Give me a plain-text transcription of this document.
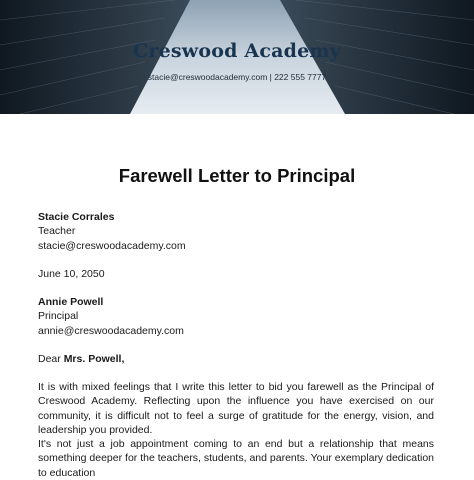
Creswood Academy
stacie@creswoodacademy.com | 222 555 7777
Farewell Letter to Principal
Stacie Corrales
Teacher
stacie@creswoodacademy.com
June 10, 2050
Annie Powell
Principal
annie@creswoodacademy.com
Dear Mrs. Powell,
It is with mixed feelings that I write this letter to bid you farewell as the Principal of Creswood Academy. Reflecting upon the influence you have exercised on our community, it is difficult not to feel a surge of gratitude for the energy, vision, and leadership you provided.
It's not just a job appointment coming to an end but a relationship that means something deeper for the teachers, students, and parents. Your exemplary dedication to education
